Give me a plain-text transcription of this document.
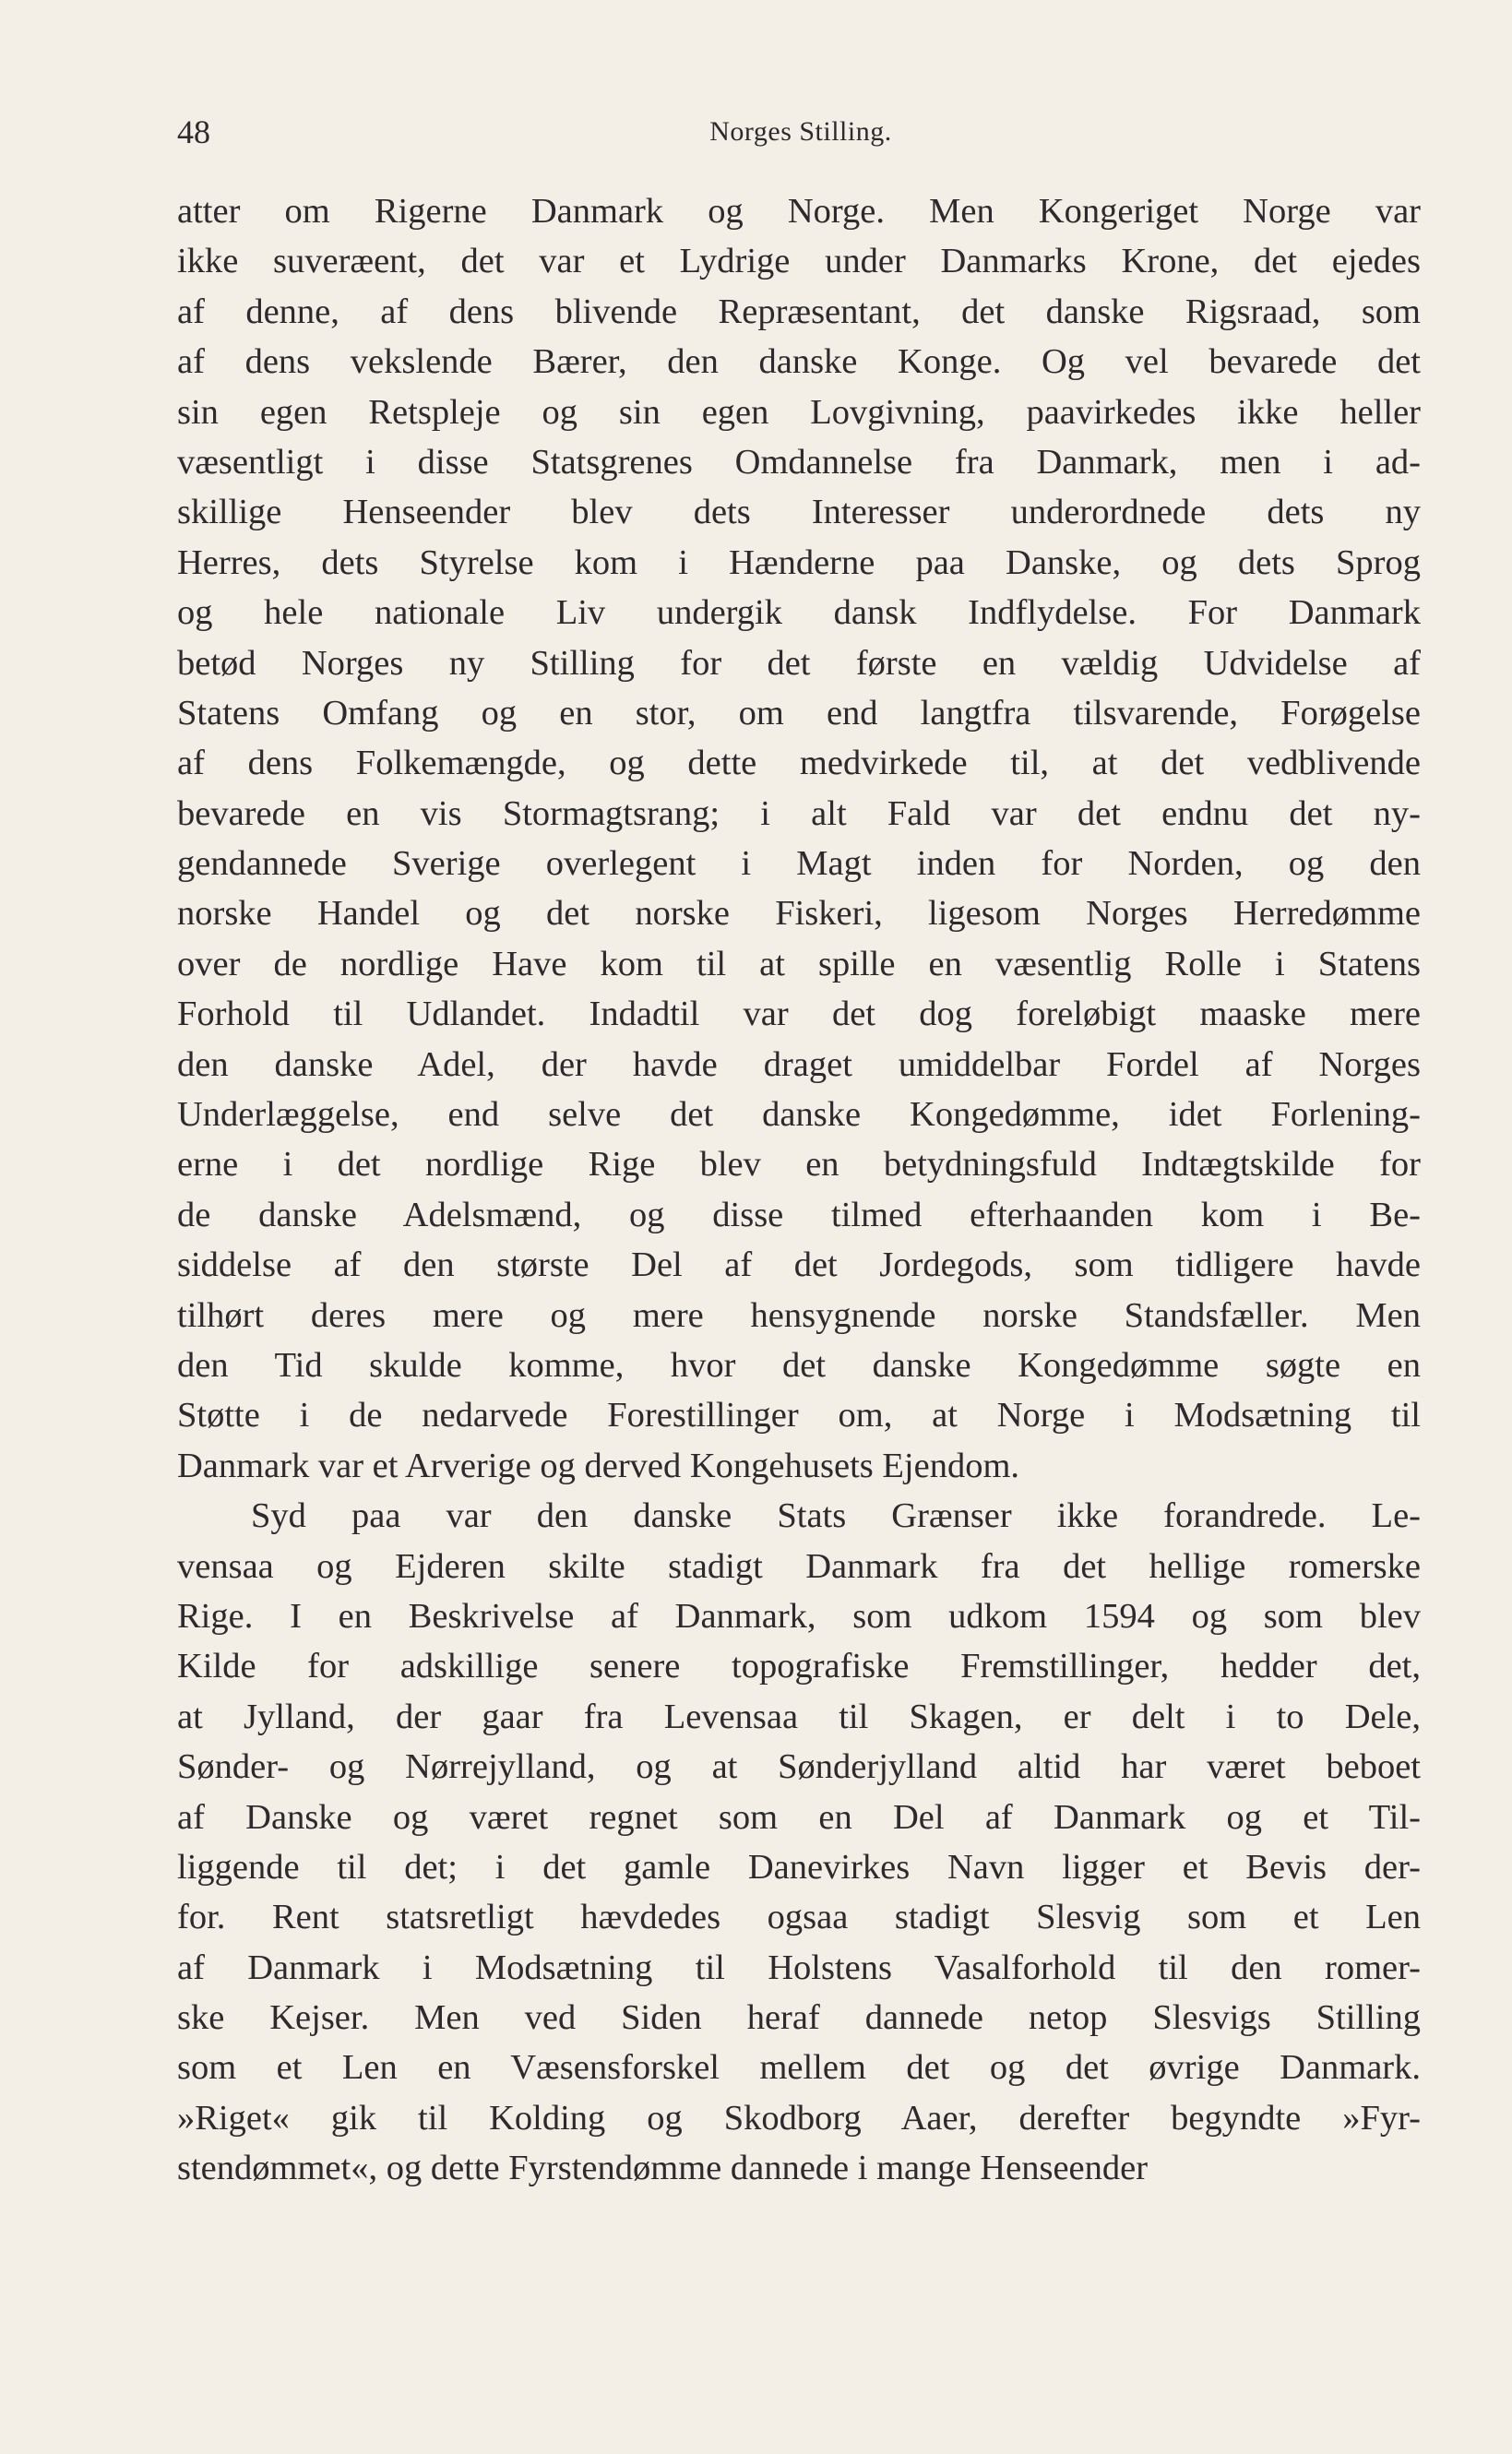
48	Norges Stilling.
atter om Rigerne Danmark og Norge. Men Kongeriget Norge var
ikke suveræent, det var et Lydrige under Danmarks Krone, det ejedes
af denne, af dens blivende Repræsentant, det danske Rigsraad, som
af dens vekslende Bærer, den danske Konge. Og vel bevarede det
sin egen Retspleje og sin egen Lovgivning, paavirkedes ikke heller
væsentligt i disse Statsgrenes Omdannelse fra Danmark, men i ad-
skillige Henseender blev dets Interesser underordnede dets ny
Herres, dets Styrelse kom i Hænderne paa Danske, og dets Sprog
og hele nationale Liv undergik dansk Indflydelse. For Danmark
betød Norges ny Stilling for det første en vældig Udvidelse af
Statens Omfang og en stor, om end langtfra tilsvarende, Forøgelse
af dens Folkemængde, og dette medvirkede til, at det vedblivende
bevarede en vis Stormagtsrang; i alt Fald var det endnu det ny-
gendannede Sverige overlegent i Magt inden for Norden, og den
norske Handel og det norske Fiskeri, ligesom Norges Herredømme
over de nordlige Have kom til at spille en væsentlig Rolle i Statens
Forhold til Udlandet. Indadtil var det dog foreløbigt maaske mere
den danske Adel, der havde draget umiddelbar Fordel af Norges
Underlæggelse, end selve det danske Kongedømme, idet Forlening-
erne i det nordlige Rige blev en betydningsfuld Indtægtskilde for
de danske Adelsmænd, og disse tilmed efterhaanden kom i Be-
siddelse af den største Del af det Jordegods, som tidligere havde
tilhørt deres mere og mere hensygnende norske Standsfæller. Men
den Tid skulde komme, hvor det danske Kongedømme søgte en
Støtte i de nedarvede Forestillinger om, at Norge i Modsætning til
Danmark var et Arverige og derved Kongehusets Ejendom.
Syd paa var den danske Stats Grænser ikke forandrede. Le-
vensaa og Ejderen skilte stadigt Danmark fra det hellige romerske
Rige. I en Beskrivelse af Danmark, som udkom 1594 og som blev
Kilde for adskillige senere topografiske Fremstillinger, hedder det,
at Jylland, der gaar fra Levensaa til Skagen, er delt i to Dele,
Sønder- og Nørrejylland, og at Sønderjylland altid har været beboet
af Danske og været regnet som en Del af Danmark og et Til-
liggende til det; i det gamle Danevirkes Navn ligger et Bevis der-
for. Rent statsretligt hævdedes ogsaa stadigt Slesvig som et Len
af Danmark i Modsætning til Holstens Vasalforhold til den romer-
ske Kejser. Men ved Siden heraf dannede netop Slesvigs Stilling
som et Len en Væsensforskel mellem det og det øvrige Danmark.
»Riget« gik til Kolding og Skodborg Aaer, derefter begyndte »Fyr-
stendømmet«, og dette Fyrstendømme dannede i mange Henseender
